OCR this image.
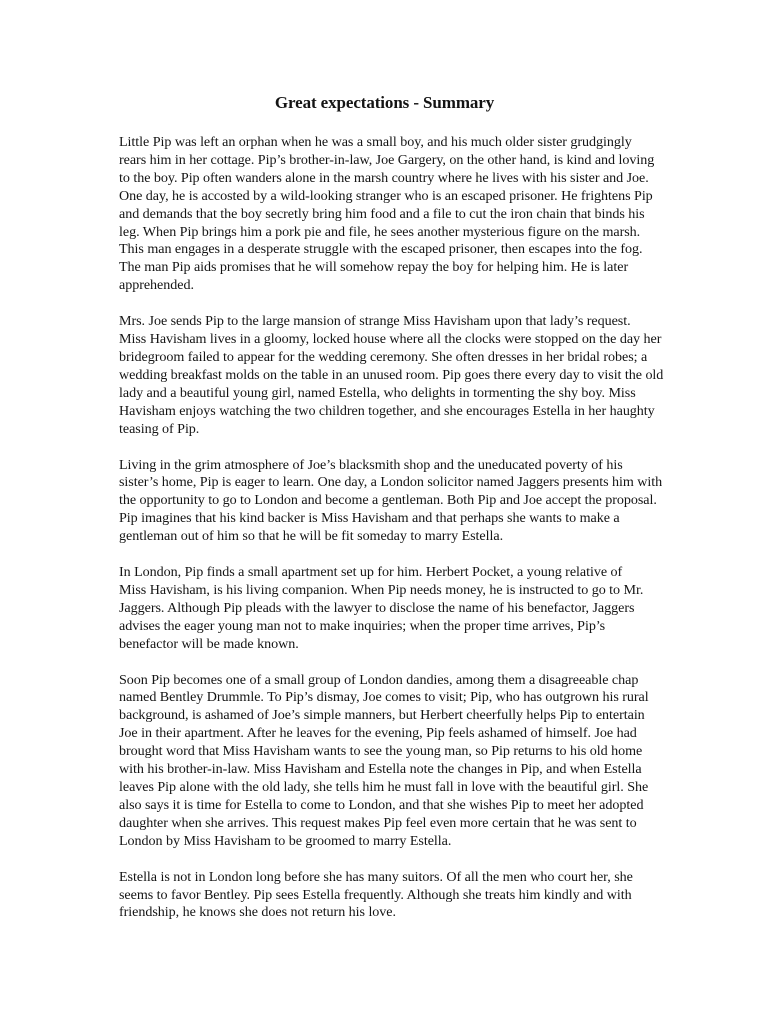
Great expectations - Summary

Little Pip was left an orphan when he was a small boy, and his much older sister grudgingly
rears him in her cottage. Pip’s brother-in-law, Joe Gargery, on the other hand, is kind and loving
to the boy. Pip often wanders alone in the marsh country where he lives with his sister and Joe.
One day, he is accosted by a wild-looking stranger who is an escaped prisoner. He frightens Pip
and demands that the boy secretly bring him food and a file to cut the iron chain that binds his
leg. When Pip brings him a pork pie and file, he sees another mysterious figure on the marsh.
This man engages in a desperate struggle with the escaped prisoner, then escapes into the fog.
The man Pip aids promises that he will somehow repay the boy for helping him. He is later
apprehended.

Mrs. Joe sends Pip to the large mansion of strange Miss Havisham upon that lady’s request.
Miss Havisham lives in a gloomy, locked house where all the clocks were stopped on the day her
bridegroom failed to appear for the wedding ceremony. She often dresses in her bridal robes; a
wedding breakfast molds on the table in an unused room. Pip goes there every day to visit the old
lady and a beautiful young girl, named Estella, who delights in tormenting the shy boy. Miss
Havisham enjoys watching the two children together, and she encourages Estella in her haughty
teasing of Pip.

Living in the grim atmosphere of Joe’s blacksmith shop and the uneducated poverty of his
sister’s home, Pip is eager to learn. One day, a London solicitor named Jaggers presents him with
the opportunity to go to London and become a gentleman. Both Pip and Joe accept the proposal.
Pip imagines that his kind backer is Miss Havisham and that perhaps she wants to make a
gentleman out of him so that he will be fit someday to marry Estella.

In London, Pip finds a small apartment set up for him. Herbert Pocket, a young relative of
Miss Havisham, is his living companion. When Pip needs money, he is instructed to go to Mr.
Jaggers. Although Pip pleads with the lawyer to disclose the name of his benefactor, Jaggers
advises the eager young man not to make inquiries; when the proper time arrives, Pip’s
benefactor will be made known.

Soon Pip becomes one of a small group of London dandies, among them a disagreeable chap
named Bentley Drummle. To Pip’s dismay, Joe comes to visit; Pip, who has outgrown his rural
background, is ashamed of Joe’s simple manners, but Herbert cheerfully helps Pip to entertain
Joe in their apartment. After he leaves for the evening, Pip feels ashamed of himself. Joe had
brought word that Miss Havisham wants to see the young man, so Pip returns to his old home
with his brother-in-law. Miss Havisham and Estella note the changes in Pip, and when Estella
leaves Pip alone with the old lady, she tells him he must fall in love with the beautiful girl. She
also says it is time for Estella to come to London, and that she wishes Pip to meet her adopted
daughter when she arrives. This request makes Pip feel even more certain that he was sent to
London by Miss Havisham to be groomed to marry Estella.

Estella is not in London long before she has many suitors. Of all the men who court her, she
seems to favor Bentley. Pip sees Estella frequently. Although she treats him kindly and with
friendship, he knows she does not return his love.
